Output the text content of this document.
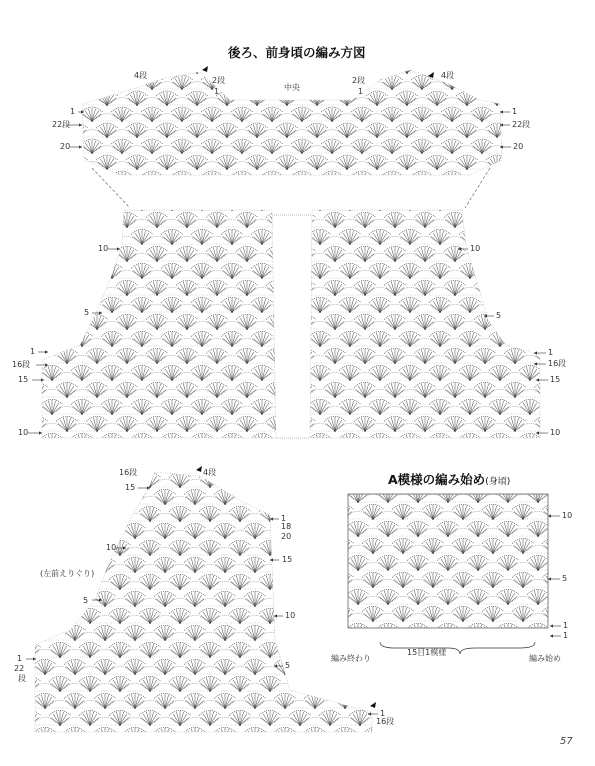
後ろ、前身頃の編み方図
A模様の編み始め(身頃)
57
4段
2段
1	中央
2段
4段
1
1
22段
20
1
22段
20
10
5
1
16段
15
10
10
5
1
16段
15
10
16段	4段
15
1
18
20
15
10
5
10
5
1
22
段
1
16段
(左前えりぐり)
10
5
1
1
編み終わり
15目1模様
編み始め
